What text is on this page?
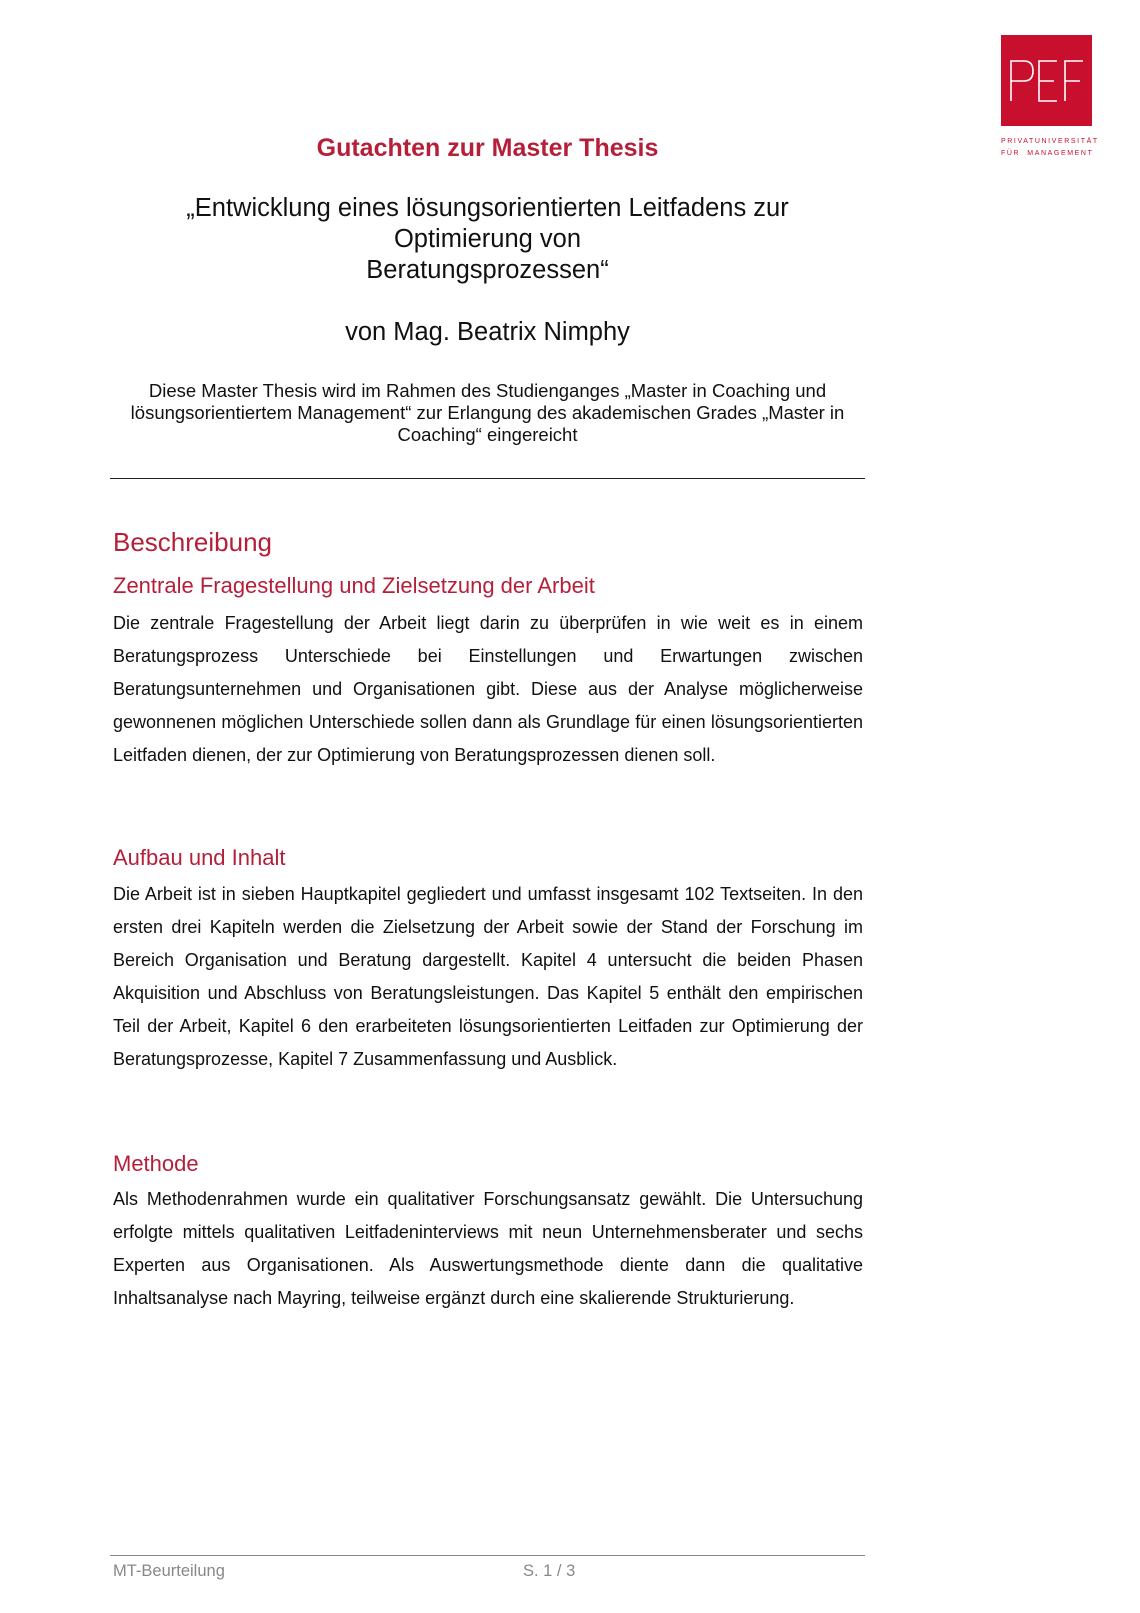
PRIVATUNIVERSITÄT
FÜR  MANAGEMENT
Gutachten zur Master Thesis
„Entwicklung eines lösungsorientierten Leitfadens zur
Optimierung von
Beratungsprozessen“
von Mag. Beatrix Nimphy
Diese Master Thesis wird im Rahmen des Studienganges „Master in Coaching und lösungsorientiertem Management“ zur Erlangung des akademischen Grades „Master in Coaching“ eingereicht
Beschreibung
Zentrale Fragestellung und Zielsetzung der Arbeit
Die zentrale Fragestellung der Arbeit liegt darin zu überprüfen in wie weit es in einem Beratungsprozess Unterschiede bei Einstellungen und Erwartungen zwischen Beratungsunternehmen und Organisationen gibt. Diese aus der Analyse möglicherweise gewonnenen möglichen Unterschiede sollen dann als Grundlage für einen lösungsorientierten Leitfaden dienen, der zur Optimierung von Beratungsprozessen dienen soll.
Aufbau und Inhalt
Die Arbeit ist in sieben Hauptkapitel gegliedert und umfasst insgesamt 102 Textseiten. In den ersten drei Kapiteln werden die Zielsetzung der Arbeit sowie der Stand der Forschung im Bereich Organisation und Beratung dargestellt. Kapitel 4 untersucht die beiden Phasen Akquisition und Abschluss von Beratungsleistungen. Das Kapitel 5 enthält den empirischen Teil der Arbeit, Kapitel 6 den erarbeiteten lösungsorientierten Leitfaden zur Optimierung der Beratungsprozesse, Kapitel 7 Zusammenfassung und Ausblick.
Methode
Als Methodenrahmen wurde ein qualitativer Forschungsansatz gewählt. Die Untersuchung erfolgte mittels qualitativen Leitfadeninterviews mit neun Unternehmensberater und sechs Experten aus Organisationen. Als Auswertungsmethode diente dann die qualitative Inhaltsanalyse nach Mayring, teilweise ergänzt durch eine skalierende Strukturierung.
MT-Beurteilung	S. 1 / 3
